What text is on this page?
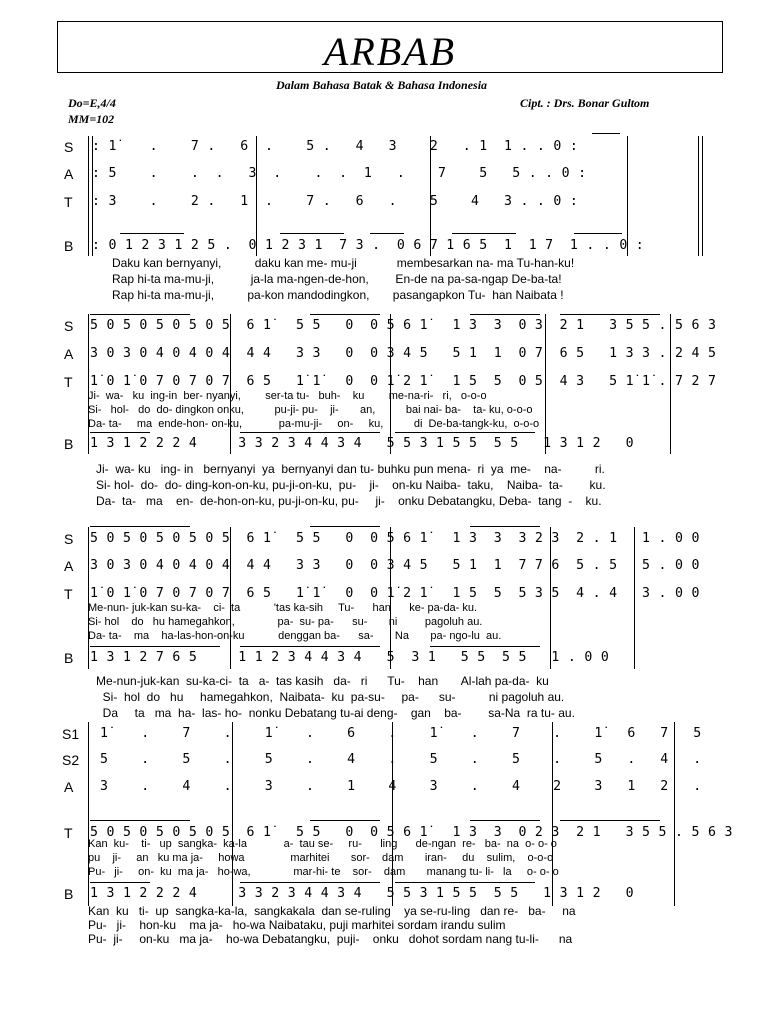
ARBAB
Dalam Bahasa Batak & Bahasa Indonesia
Do=E,4/4
MM=102
Cipt. : Drs. Bonar Gultom
S
A
T
B
: 1̇    .    7 .   6  .    5 .   4   3    2   . 1  1 . . 0 :
: 5    .    .  .   3  .    .  .  1   .    7    5   5 . . 0 :
: 3    .    2 .   1  .    7 .   6   .    5    4   3 . . 0 :
: 0 1 2 3 1 2 5 .  0 1 2 3 1  7 3 .  0 6 7 1 6 5  1  1 7  1 . . 0 :
Daku kan bernyanyi,          daku kan me- mu-ji            membesarkan na- ma Tu-han-ku!
Rap hi-ta ma-mu-ji,           ja-la ma-ngen-de-hon,        En-de na pa-sa-ngap De-ba-ta!
Rap hi-ta ma-mu-ji,          pa-kon mandodingkon,       pasangapkon Tu-  han Naibata !
S
A
T
B
5 0 5 0 5 0 5 0 5  6 1̇   5 5   0  0 5 6 1̇   1 3  3  0 3  2 1   3 5 5 . 5 6 3
3 0 3 0 4 0 4 0 4  4 4   3 3   0  0 3 4 5   5 1  1  0 7  6 5   1 3 3 . 2 4 5
1̇ 0 1̇ 0 7 0 7 0 7  6 5   1̇ 1̇   0  0 1̇ 2 1̇   1 5  5  0 5  4 3   5 1̇ 1̇ . 7 2 7
1 3 1 2 2 2 4     3 3 2 3 4 4 3 4   5 5 3 1 5 5  5 5   1 3 1 2   0
Ji-  wa-   ku  ing-in  ber- nyanyi,        ser-ta tu-   buh-    ku        me-na-ri-   ri,   o-o-o
Si-   hol-   do  do- dingkon onku,          pu-ji- pu-    ji-       an,          bai nai- ba-    ta- ku, o-o-o
Da- ta-     ma  ende-hon- on-ku,            pa-mu-ji-     on-     ku,          di  De-ba-tangk-ku,  o-o-o
Ji-  wa- ku   ing- in   bernyanyi  ya  bernyanyi dan tu- buhku pun mena-  ri  ya  me-    na-          ri.
Si- hol-  do-  do- ding-kon-on-ku, pu-ji-on-ku,  pu-    ji-    on-ku Naiba-  taku,    Naiba-  ta-        ku.
Da-  ta-   ma    en-  de-hon-on-ku, pu-ji-on-ku, pu-     ji-    onku Debatangku, Deba-  tang  -    ku.
S
A
T
B
5 0 5 0 5 0 5 0 5  6 1̇   5 5   0  0 5 6 1̇   1 3  3  3 2 3  2 . 1   1 . 0 0
3 0 3 0 4 0 4 0 4  4 4   3 3   0  0 3 4 5   5 1  1  7 7 6  5 . 5   5 . 0 0
1̇ 0 1̇ 0 7 0 7 0 7  6 5   1̇ 1̇   0  0 1̇ 2 1̇   1 5  5  5 3 5  4 . 4   3 . 0 0
1 3 1 2 7 6 5     1 1 2 3 4 4 3 4   5  3 1   5 5  5 5   1 . 0 0
Me-nun- juk-kan su-ka-    ci-  ta           'tas ka-sih     Tu-      han      ke- pa-da- ku.
Si- hol    do   hu hamegahkon,              pa-  su- pa-      su-       ni         pagoluh au.
Da- ta-    ma    ha-las-hon-on-ku           denggan ba-      sa-       Na       pa- ngo-lu  au.
Me-nun-juk-kan  su-ka-ci-  ta   a-  tas kasih   da-   ri      Tu-    han       Al-lah pa-da-  ku
Si-  hol  do   hu     hamegahkon,  Naibata-  ku  pa-su-     pa-      su-          ni pagoluh au.
Da     ta   ma  ha-  las- ho-  nonku Debatang tu-ai deng-    gan    ba-        sa-Na  ra tu- au.
S1
S2
A
T
B
1̇    .    7    .    1̇    .    6    .    1̇    .    7    .    1̇   6   7   5
5    .    5    .    5    .    4    .    5    .    5    .    5   .   4   .
3    .    4    .    3    .    1    4    3    .    4    2    3   1   2   .
5 0 5 0 5 0 5 0 5  6 1̇   5 5   0  0 5 6 1̇   1 3  3  0 2 3  2 1   3 5 5 . 5 6 3
1 3 1 2 2 2 4     3 3 2 3 4 4 3 4   5 5 3 1 5 5  5 5   1 3 1 2   0
Kan  ku-    ti-   up  sangka-  ka-la            a-  tau se-     ru-      ling      de-ngan  re-   ba-  na  o- o- o
pu    ji-     an   ku ma ja-     howa               marhitei       sor-    dam       iran-     du    sulim,    o-o-o
Pu-   ji-     on-  ku  ma ja-   ho-wa,              mar-hi- te    sor-    dam       manang tu- li-   la     o- o- o
Kan  ku   ti-  up  sangka-ka-la,  sangkakala  dan se-ruling    ya se-ru-ling   dan re-   ba-     na
Pu-   ji-    hon-ku    ma ja-   ho-wa Naibataku, puji marhitei sordam irandu sulim
Pu-  ji-     on-ku   ma ja-    ho-wa Debatangku,  puji-    onku   dohot sordam nang tu-li-      na
